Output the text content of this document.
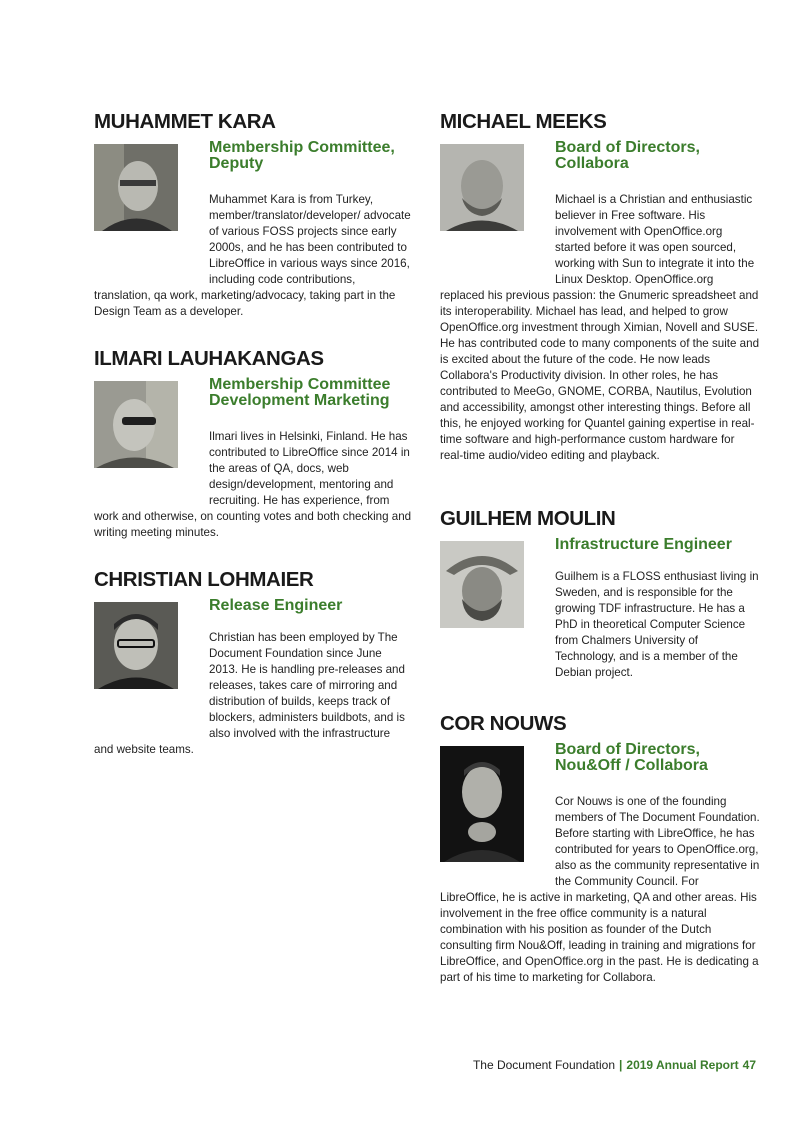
MUHAMMET KARA
Membership Committee,
Deputy

Muhammet Kara is from Turkey, member/translator/developer/ advocate of various FOSS projects since early 2000s, and he has been contributed to LibreOffice in various ways since 2016, including code contributions, translation, qa work, marketing/advocacy, taking part in the Design Team as a developer.

ILMARI LAUHAKANGAS
Membership Committee
Development Marketing

Ilmari lives in Helsinki, Finland. He has contributed to LibreOffice since 2014 in the areas of QA, docs, web design/development, mentoring and recruiting. He has experience, from work and otherwise, on counting votes and both checking and writing meeting minutes.

CHRISTIAN LOHMAIER
Release Engineer

Christian has been employed by The Document Foundation since June 2013. He is handling pre-releases and releases, takes care of mirroring and distribution of builds, keeps track of blockers, administers buildbots, and is also involved with the infrastructure and website teams.

MICHAEL MEEKS
Board of Directors,
Collabora

Michael is a Christian and enthusiastic believer in Free software. His involvement with OpenOffice.org started before it was open sourced, working with Sun to integrate it into the Linux Desktop. OpenOffice.org replaced his previous passion: the Gnumeric spreadsheet and its interoperability. Michael has lead, and helped to grow OpenOffice.org investment through Ximian, Novell and SUSE. He has contributed code to many components of the suite and is excited about the future of the code. He now leads Collabora's Productivity division. In other roles, he has contributed to MeeGo, GNOME, CORBA, Nautilus, Evolution and accessibility, amongst other interesting things. Before all this, he enjoyed working for Quantel gaining expertise in real-time software and high-performance custom hardware for real-time audio/video editing and playback.

GUILHEM MOULIN
Infrastructure Engineer

Guilhem is a FLOSS enthusiast living in Sweden, and is responsible for the growing TDF infrastructure. He has a PhD in theoretical Computer Science from Chalmers University of Technology, and is a member of the Debian project.

COR NOUWS
Board of Directors,
Nou&Off / Collabora

Cor Nouws is one of the founding members of The Document Foundation. Before starting with LibreOffice, he has contributed for years to OpenOffice.org, also as the community representative in the Community Council. For LibreOffice, he is active in marketing, QA and other areas. His involvement in the free office community is a natural combination with his position as founder of the Dutch consulting firm Nou&Off, leading in training and migrations for LibreOffice, and OpenOffice.org in the past. He is dedicating a part of his time to marketing for Collabora.

The Document Foundation | 2019 Annual Report 47
